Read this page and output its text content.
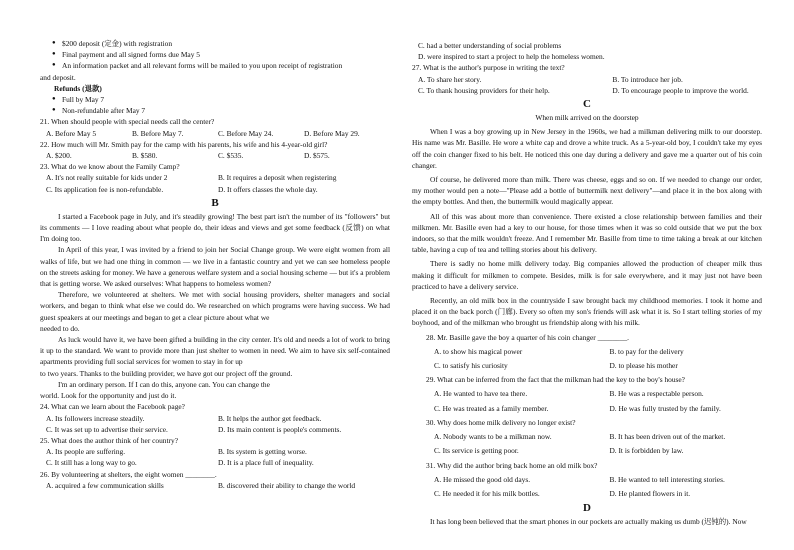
● $200 deposit (定金) with registration

● Final payment and all signed forms due May 5

● An information packet and all relevant forms will be mailed to you upon receipt of registration

and deposit.

Refunds (退款)

● Full by May 7

● Non-refundable after May 7

21. When should people with special needs call the center?

A. Before May 5	B. Before May 7.	C. Before May 24.	D. Before May 29.

22. How much will Mr. Smith pay for the camp with his parents, his wife and his 4-year-old girl?

A. $200.	B. $580.	C. $535.	D. $575.

23. What do we know about the Family Camp?

A. It's not really suitable for kids under 2	B. It requires a deposit when registering
C. Its application fee is non-refundable.	D. It offers classes the whole day.
B

I started a Facebook page in July, and it's steadily growing! The best part isn't the number of its "followers" but its comments — I love reading about what people do, their ideas and views and get some feedback (反馈) on what I'm doing too.

In April of this year, I was invited by a friend to join her Social Change group. We were eight women from all walks of life, but we had one thing in common — we live in a fantastic country and yet we can see homeless people on the streets asking for money. We have a generous welfare system and a social housing scheme — but it's a problem that is getting worse. We asked ourselves: What happens to homeless women?

Therefore, we volunteered at shelters. We met with social housing providers, shelter managers and social workers, and began to think what else we could do. We researched on which programs were having success. We had guest speakers at our meetings and began to get a clear picture about what we

needed to do.

As luck would have it, we have been gifted a building in the city center. It's old and needs a lot of work to bring it up to the standard. We want to provide more than just shelter to women in need. We aim to have six self-contained apartments providing full social services for women to stay in for up

to two years. Thanks to the building provider, we have got our project off the ground.

I'm an ordinary person. If I can do this, anyone can. You can change the

world. Look for the opportunity and just do it.

24. What can we learn about the Facebook page?

A. Its followers increase steadily.	B. It helps the author get feedback.
C. It was set up to advertise their service.	D. Its main content is people's comments.

25. What does the author think of her country?

A. Its people are suffering.	B. Its system is getting worse.
C. It still has a long way to go.	D. It is a place full of inequality.

26. By volunteering at shelters, the eight women ________.

A. acquired a few communication skills	B. discovered their ability to change the world

C. had a better understanding of social problems

D. were inspired to start a project to help the homeless women.

27. What is the author's purpose in writing the text?

A. To share her story.	B. To introduce her job.
C. To thank housing providers for their help.	D. To encourage people to improve the world.
C

When milk arrived on the doorstep

When I was a boy growing up in New Jersey in the 1960s, we had a milkman delivering milk to our doorstep. His name was Mr. Basille. He wore a white cap and drove a white truck. As a 5-year-old boy, I couldn't take my eyes off the coin changer fixed to his belt. He noticed this one day during a delivery and gave me a quarter out of his coin changer.

Of course, he delivered more than milk. There was cheese, eggs and so on. If we needed to change our order, my mother would pen a note—"Please add a bottle of buttermilk next delivery"—and place it in the box along with the empty bottles. And then, the buttermilk would magically appear.

All of this was about more than convenience. There existed a close relationship between families and their milkmen. Mr. Basille even had a key to our house, for those times when it was so cold outside that we put the box indoors, so that the milk wouldn't freeze. And I remember Mr. Basille from time to time taking a break at our kitchen table, having a cup of tea and telling stories about his delivery.

There is sadly no home milk delivery today. Big companies allowed the production of cheaper milk thus making it difficult for milkmen to compete. Besides, milk is for sale everywhere, and it may just not have been practiced to have a delivery service.

Recently, an old milk box in the countryside I saw brought back my childhood memories. I took it home and placed it on the back porch (门廊). Every so often my son's friends will ask what it is. So I start telling stories of my boyhood, and of the milkman who brought us friendship along with his milk.

28. Mr. Basille gave the boy a quarter of his coin changer ________.

A. to show his magical power	B. to pay for the delivery
C. to satisfy his curiosity	D. to please his mother

29. What can be inferred from the fact that the milkman had the key to the boy's house?

A. He wanted to have tea there.	B. He was a respectable person.
C. He was treated as a family member.	D. He was fully trusted by the family.

30. Why does home milk delivery no longer exist?

A. Nobody wants to be a milkman now.	B. It has been driven out of the market.
C. Its service is getting poor.	D. It is forbidden by law.

31. Why did the author bring back home an old milk box?

A. He missed the good old days.	B. He wanted to tell interesting stories.
C. He needed it for his milk bottles.	D. He planted flowers in it.
D

It has long been believed that the smart phones in our pockets are actually making us dumb (迟钝的). Now
